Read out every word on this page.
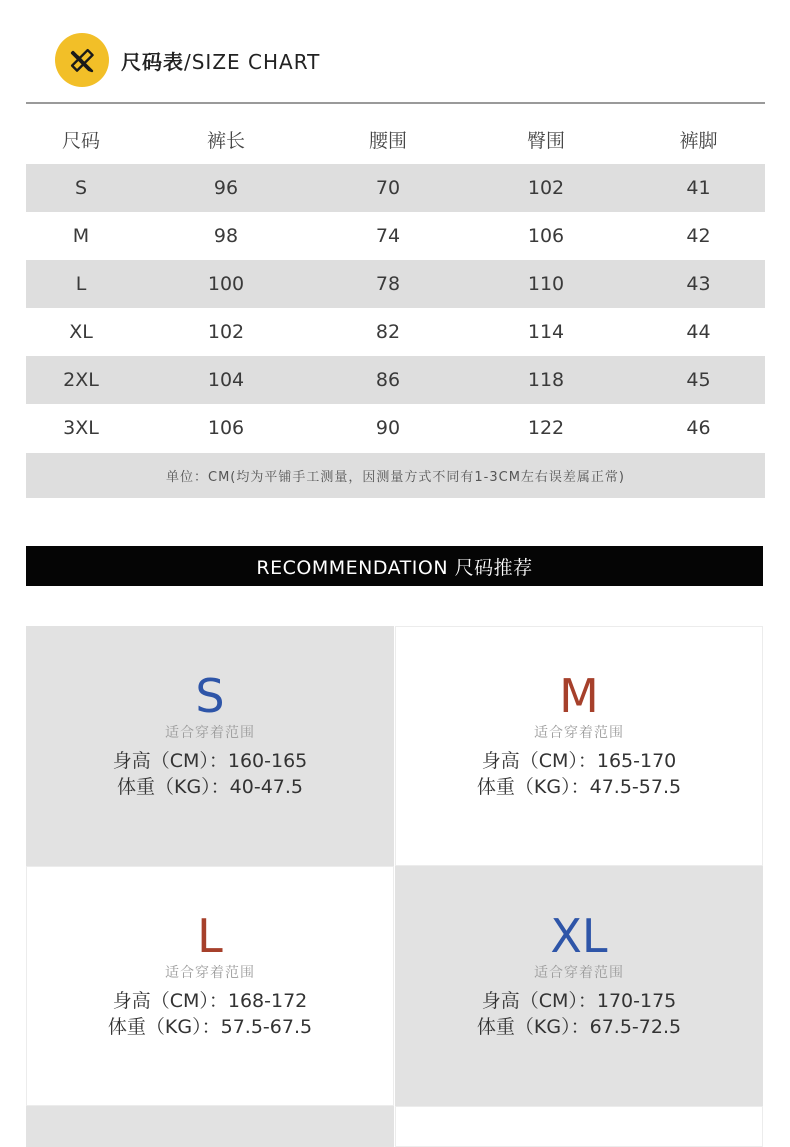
尺码表/SIZE CHART
尺码	裤长	腰围	臀围	裤脚
S	96	70	102	41
M	98	74	106	42
L	100	78	110	43
XL	102	82	114	44
2XL	104	86	118	45
3XL	106	90	122	46
单位：CM(均为平铺手工测量，因测量方式不同有1-3CM左右误差属正常)
RECOMMENDATION 尺码推荐
S
适合穿着范围
身高（CM）：160-165
体重（KG）：40-47.5
M
适合穿着范围
身高（CM）：165-170
体重（KG）：47.5-57.5
L
适合穿着范围
身高（CM）：168-172
体重（KG）：57.5-67.5
XL
适合穿着范围
身高（CM）：170-175
体重（KG）：67.5-72.5
